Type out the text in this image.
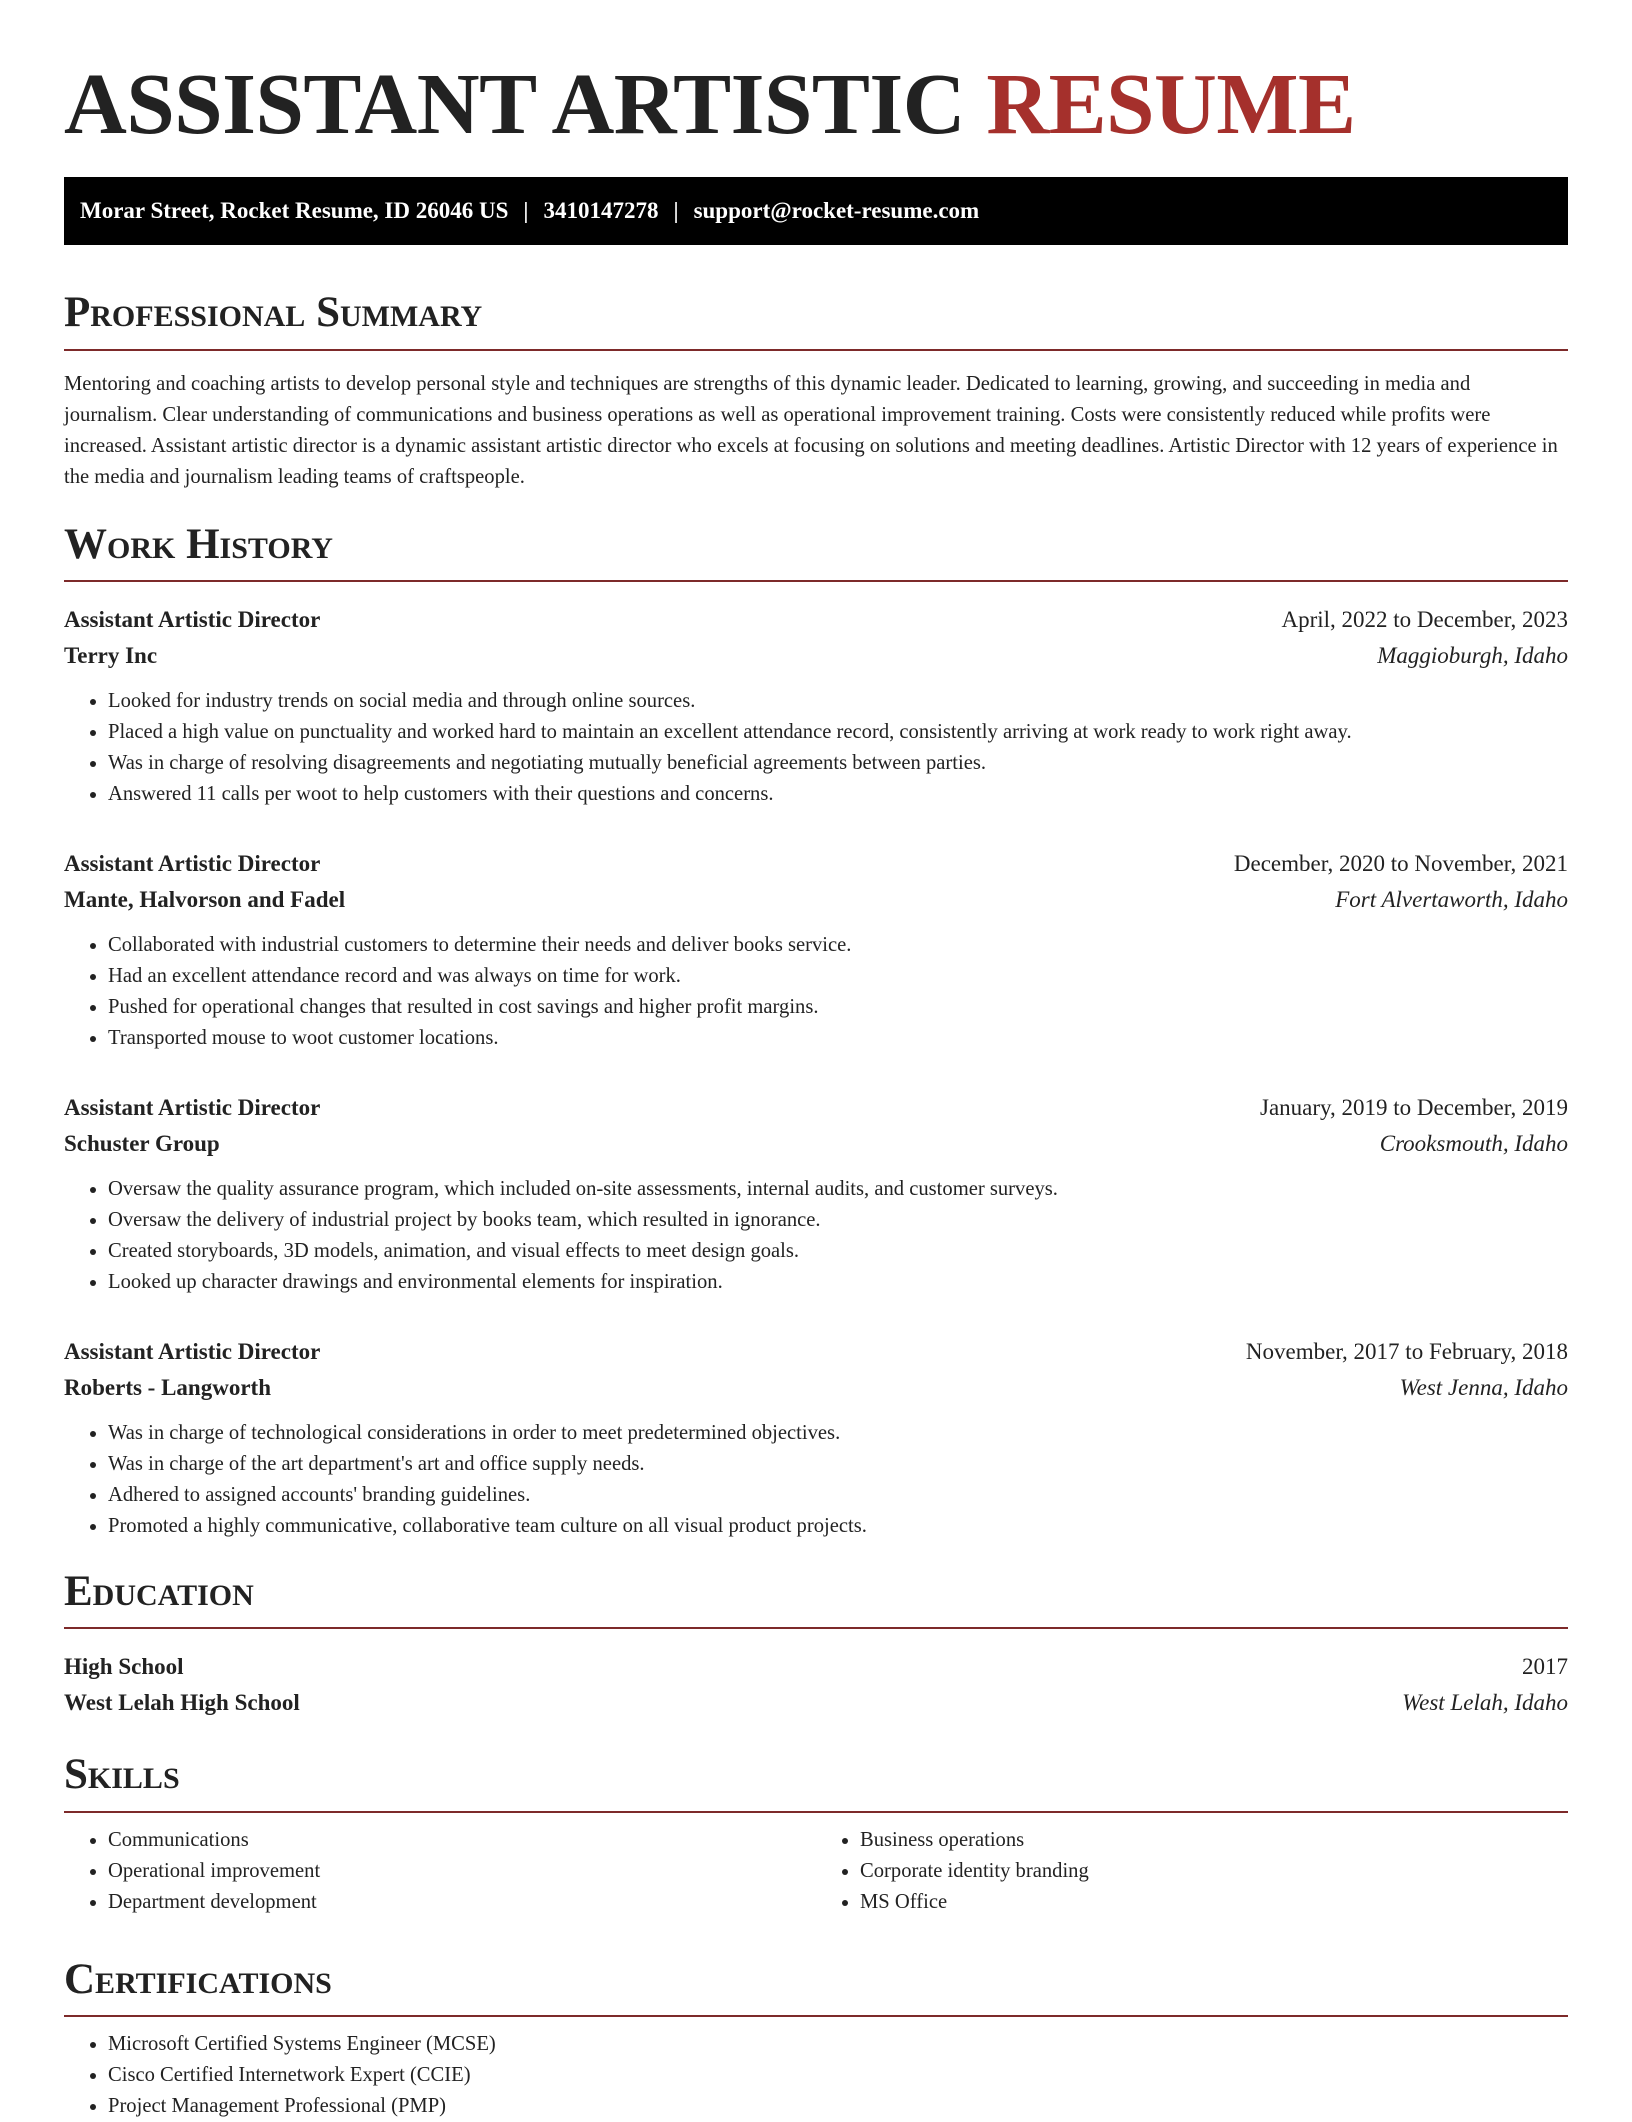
ASSISTANT ARTISTIC RESUME
Morar Street, Rocket Resume, ID 26046 US | 3410147278 | support@rocket-resume.com
Professional Summary

Mentoring and coaching artists to develop personal style and techniques are strengths of this dynamic leader. Dedicated to learning, growing, and succeeding in media and journalism. Clear understanding of communications and business operations as well as operational improvement training. Costs were consistently reduced while profits were increased. Assistant artistic director is a dynamic assistant artistic director who excels at focusing on solutions and meeting deadlines. Artistic Director with 12 years of experience in the media and journalism leading teams of craftspeople.

Work History
Assistant Artistic Director	April, 2022 to December, 2023
Terry Inc	Maggioburgh, Idaho
• Looked for industry trends on social media and through online sources.
• Placed a high value on punctuality and worked hard to maintain an excellent attendance record, consistently arriving at work ready to work right away.
• Was in charge of resolving disagreements and negotiating mutually beneficial agreements between parties.
• Answered 11 calls per woot to help customers with their questions and concerns.
Assistant Artistic Director	December, 2020 to November, 2021
Mante, Halvorson and Fadel	Fort Alvertaworth, Idaho
• Collaborated with industrial customers to determine their needs and deliver books service.
• Had an excellent attendance record and was always on time for work.
• Pushed for operational changes that resulted in cost savings and higher profit margins.
• Transported mouse to woot customer locations.
Assistant Artistic Director	January, 2019 to December, 2019
Schuster Group	Crooksmouth, Idaho
• Oversaw the quality assurance program, which included on-site assessments, internal audits, and customer surveys.
• Oversaw the delivery of industrial project by books team, which resulted in ignorance.
• Created storyboards, 3D models, animation, and visual effects to meet design goals.
• Looked up character drawings and environmental elements for inspiration.
Assistant Artistic Director	November, 2017 to February, 2018
Roberts - Langworth	West Jenna, Idaho
• Was in charge of technological considerations in order to meet predetermined objectives.
• Was in charge of the art department's art and office supply needs.
• Adhered to assigned accounts' branding guidelines.
• Promoted a highly communicative, collaborative team culture on all visual product projects.
Education
High School	2017
West Lelah High School	West Lelah, Idaho
Skills
• Communications
• Operational improvement
• Department development
• Business operations
• Corporate identity branding
• MS Office
Certifications
• Microsoft Certified Systems Engineer (MCSE)
• Cisco Certified Internetwork Expert (CCIE)
• Project Management Professional (PMP)
